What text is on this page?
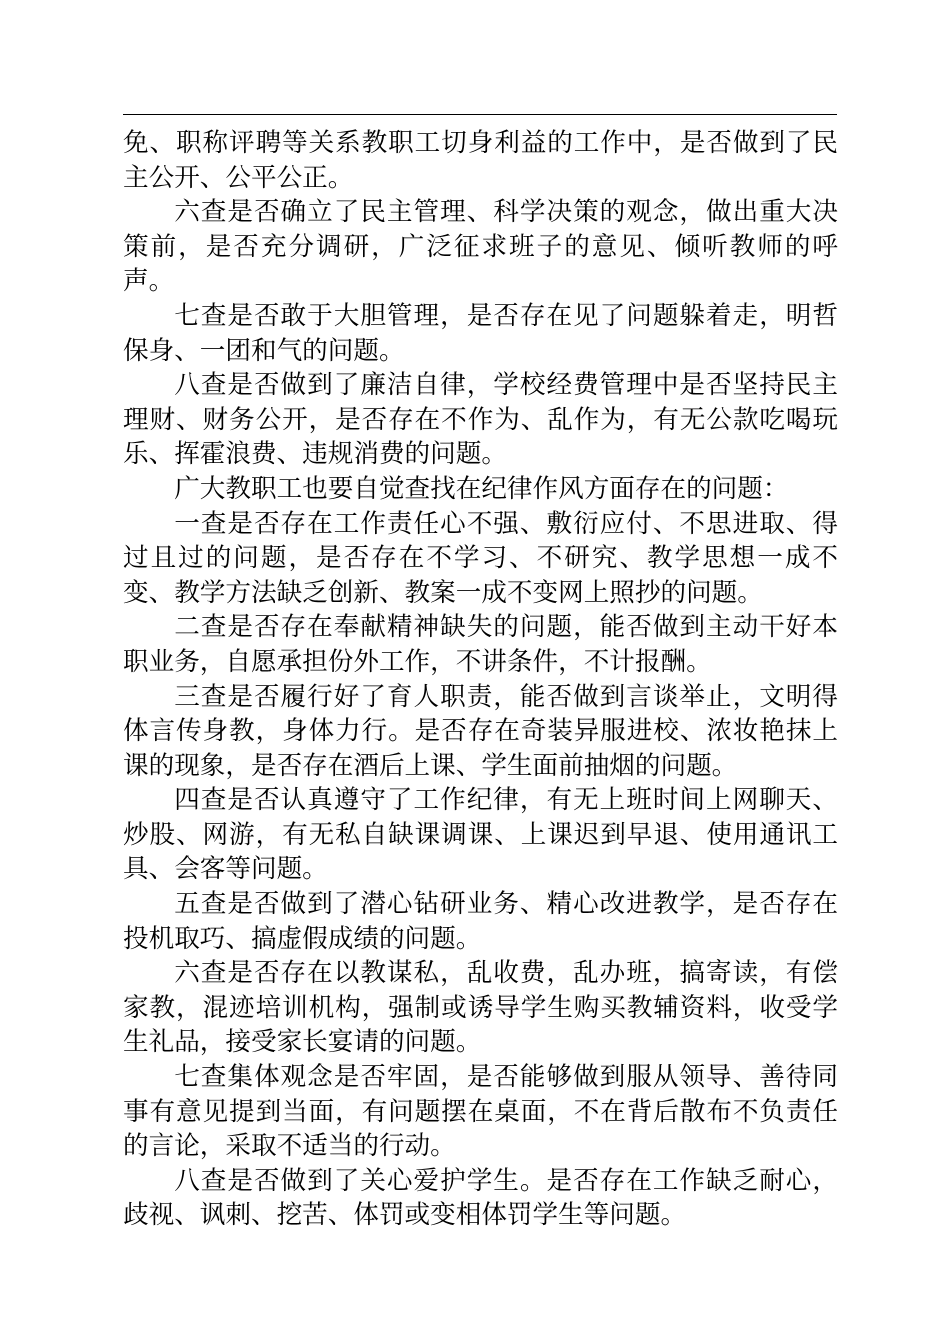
免、职称评聘等关系教职工切身利益的工作中，是否做到了民主公开、公平公正。

六查是否确立了民主管理、科学决策的观念，做出重大决策前，是否充分调研，广泛征求班子的意见、倾听教师的呼声。

七查是否敢于大胆管理，是否存在见了问题躲着走，明哲保身、一团和气的问题。

八查是否做到了廉洁自律，学校经费管理中是否坚持民主理财、财务公开，是否存在不作为、乱作为，有无公款吃喝玩乐、挥霍浪费、违规消费的问题。

广大教职工也要自觉查找在纪律作风方面存在的问题：

一查是否存在工作责任心不强、敷衍应付、不思进取、得过且过的问题，是否存在不学习、不研究、教学思想一成不变、教学方法缺乏创新、教案一成不变网上照抄的问题。

二查是否存在奉献精神缺失的问题，能否做到主动干好本职业务，自愿承担份外工作，不讲条件，不计报酬。

三查是否履行好了育人职责，能否做到言谈举止，文明得体言传身教，身体力行。是否存在奇装异服进校、浓妆艳抹上课的现象，是否存在酒后上课、学生面前抽烟的问题。

四查是否认真遵守了工作纪律，有无上班时间上网聊天、炒股、网游，有无私自缺课调课、上课迟到早退、使用通讯工具、会客等问题。

五查是否做到了潜心钻研业务、精心改进教学，是否存在投机取巧、搞虚假成绩的问题。

六查是否存在以教谋私，乱收费，乱办班，搞寄读，有偿家教，混迹培训机构，强制或诱导学生购买教辅资料，收受学生礼品，接受家长宴请的问题。

七查集体观念是否牢固，是否能够做到服从领导、善待同事有意见提到当面，有问题摆在桌面，不在背后散布不负责任的言论，采取不适当的行动。

八查是否做到了关心爱护学生。是否存在工作缺乏耐心，歧视、讽刺、挖苦、体罚或变相体罚学生等问题。
